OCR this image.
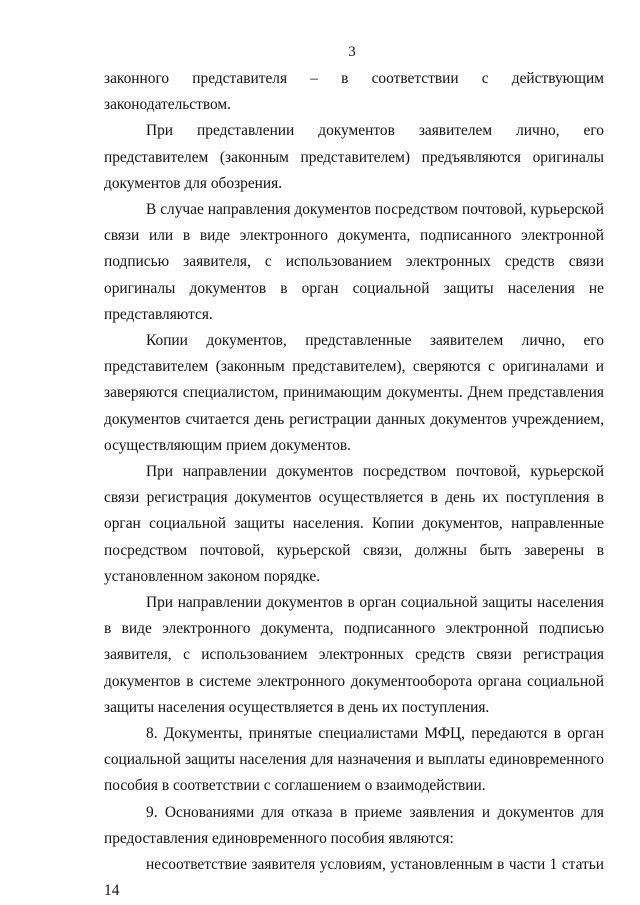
3

законного представителя – в соответствии с действующим законодательством.

При представлении документов заявителем лично, его представителем (законным представителем) предъявляются оригиналы документов для обозрения.

В случае направления документов посредством почтовой, курьерской связи или в виде электронного документа, подписанного электронной подписью заявителя, с использованием электронных средств связи оригиналы документов в орган социальной защиты населения не представляются.

Копии документов, представленные заявителем лично, его представителем (законным представителем), сверяются с оригиналами и заверяются специалистом, принимающим документы. Днем представления документов считается день регистрации данных документов учреждением, осуществляющим прием документов.

При направлении документов посредством почтовой, курьерской связи регистрация документов осуществляется в день их поступления в орган социальной защиты населения. Копии документов, направленные посредством почтовой, курьерской связи, должны быть заверены в установленном законом порядке.

При направлении документов в орган социальной защиты населения в виде электронного документа, подписанного электронной подписью заявителя, с использованием электронных средств связи регистрация документов в системе электронного документооборота органа социальной защиты населения осуществляется в день их поступления.

8. Документы, принятые специалистами МФЦ, передаются в орган социальной защиты населения для назначения и выплаты единовременного пособия в соответствии с соглашением о взаимодействии.

9. Основаниями для отказа в приеме заявления и документов для предоставления единовременного пособия являются:

несоответствие заявителя условиям, установленным в части 1 статьи 14
